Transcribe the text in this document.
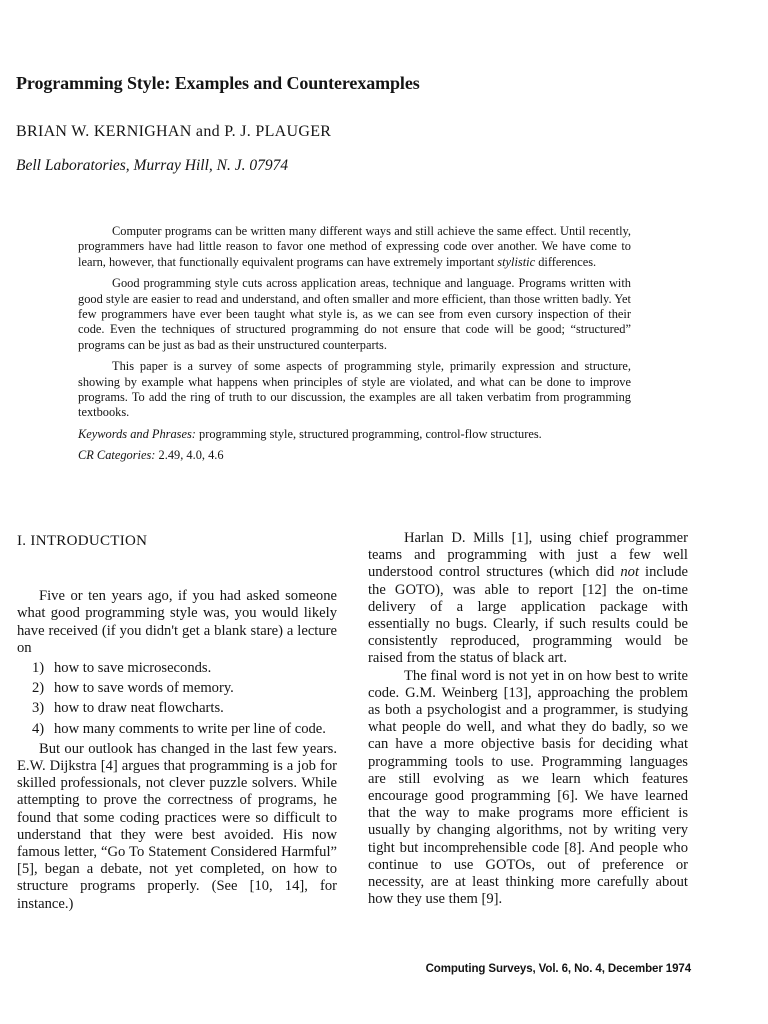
Programming Style: Examples and Counterexamples

BRIAN W. KERNIGHAN and P. J. PLAUGER

Bell Laboratories, Murray Hill, N. J. 07974

Computer programs can be written many different ways and still achieve the same effect. Until recently, programmers have had little reason to favor one method of expressing code over another. We have come to learn, however, that functionally equivalent programs can have extremely important stylistic differences.

Good programming style cuts across application areas, technique and language. Programs written with good style are easier to read and understand, and often smaller and more efficient, than those written badly. Yet few programmers have ever been taught what style is, as we can see from even cursory inspection of their code. Even the techniques of structured programming do not ensure that code will be good; “structured” programs can be just as bad as their unstructured counterparts.

This paper is a survey of some aspects of programming style, primarily expression and structure, showing by example what happens when principles of style are violated, and what can be done to improve programs. To add the ring of truth to our discussion, the examples are all taken verbatim from programming textbooks.

Keywords and Phrases: programming style, structured programming, control-flow structures.

CR Categories: 2.49, 4.0, 4.6

I. INTRODUCTION

Five or ten years ago, if you had asked someone what good programming style was, you would likely have received (if you didn't get a blank stare) a lecture on

1) how to save microseconds.
2) how to save words of memory.
3) how to draw neat flowcharts.
4) how many comments to write per line of code.

But our outlook has changed in the last few years. E.W. Dijkstra [4] argues that programming is a job for skilled professionals, not clever puzzle solvers. While attempting to prove the correctness of programs, he found that some coding practices were so difficult to understand that they were best avoided. His now famous letter, “Go To Statement Considered Harmful” [5], began a debate, not yet completed, on how to structure programs properly. (See [10, 14], for instance.)

Harlan D. Mills [1], using chief programmer teams and programming with just a few well understood control structures (which did not include the GOTO), was able to report [12] the on-time delivery of a large application package with essentially no bugs. Clearly, if such results could be consistently reproduced, programming would be raised from the status of black art.

The final word is not yet in on how best to write code. G.M. Weinberg [13], approaching the problem as both a psychologist and a programmer, is studying what people do well, and what they do badly, so we can have a more objective basis for deciding what programming tools to use. Programming languages are still evolving as we learn which features encourage good programming [6]. We have learned that the way to make programs more efficient is usually by changing algorithms, not by writing very tight but incomprehensible code [8]. And people who continue to use GOTOs, out of preference or necessity, are at least thinking more carefully about how they use them [9].

Computing Surveys, Vol. 6, No. 4, December 1974
